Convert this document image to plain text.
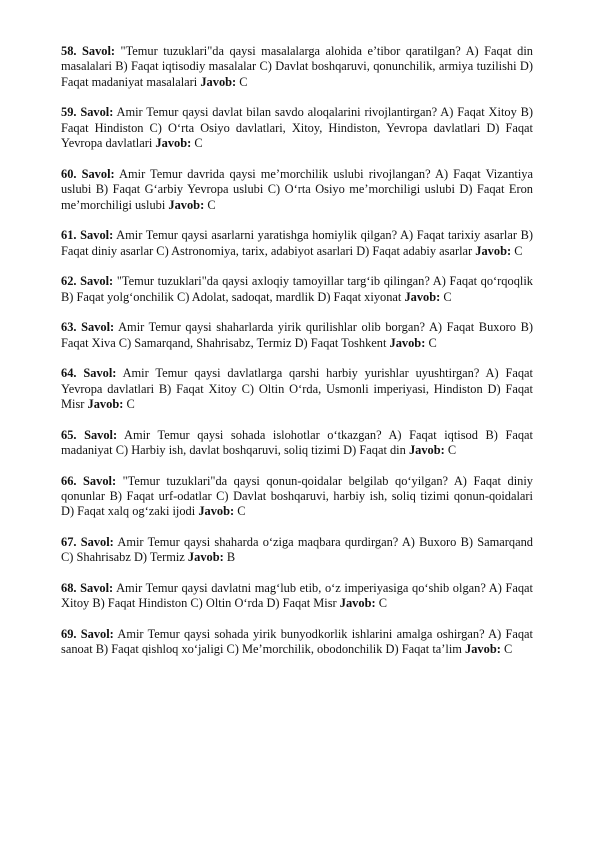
58. Savol: "Temur tuzuklari"da qaysi masalalarga alohida e’tibor qaratilgan? A) Faqat din masalalari B) Faqat iqtisodiy masalalar C) Davlat boshqaruvi, qonunchilik, armiya tuzilishi D) Faqat madaniyat masalalari Javob: C

59. Savol: Amir Temur qaysi davlat bilan savdo aloqalarini rivojlantirgan? A) Faqat Xitoy B) Faqat Hindiston C) O‘rta Osiyo davlatlari, Xitoy, Hindiston, Yevropa davlatlari D) Faqat Yevropa davlatlari Javob: C

60. Savol: Amir Temur davrida qaysi me’morchilik uslubi rivojlangan? A) Faqat Vizantiya uslubi B) Faqat G‘arbiy Yevropa uslubi C) O‘rta Osiyo me’morchiligi uslubi D) Faqat Eron me’morchiligi uslubi Javob: C

61. Savol: Amir Temur qaysi asarlarni yaratishga homiylik qilgan? A) Faqat tarixiy asarlar B) Faqat diniy asarlar C) Astronomiya, tarix, adabiyot asarlari D) Faqat adabiy asarlar Javob: C

62. Savol: "Temur tuzuklari"da qaysi axloqiy tamoyillar targ‘ib qilingan? A) Faqat qo‘rqoqlik B) Faqat yolg‘onchilik C) Adolat, sadoqat, mardlik D) Faqat xiyonat Javob: C

63. Savol: Amir Temur qaysi shaharlarda yirik qurilishlar olib borgan? A) Faqat Buxoro B) Faqat Xiva C) Samarqand, Shahrisabz, Termiz D) Faqat Toshkent Javob: C

64. Savol: Amir Temur qaysi davlatlarga qarshi harbiy yurishlar uyushtirgan? A) Faqat Yevropa davlatlari B) Faqat Xitoy C) Oltin O‘rda, Usmonli imperiyasi, Hindiston D) Faqat Misr Javob: C

65. Savol: Amir Temur qaysi sohada islohotlar o‘tkazgan? A) Faqat iqtisod B) Faqat madaniyat C) Harbiy ish, davlat boshqaruvi, soliq tizimi D) Faqat din Javob: C

66. Savol: "Temur tuzuklari"da qaysi qonun-qoidalar belgilab qo‘yilgan? A) Faqat diniy qonunlar B) Faqat urf-odatlar C) Davlat boshqaruvi, harbiy ish, soliq tizimi qonun-qoidalari D) Faqat xalq og‘zaki ijodi Javob: C

67. Savol: Amir Temur qaysi shaharda o‘ziga maqbara qurdirgan? A) Buxoro B) Samarqand C) Shahrisabz D) Termiz Javob: B

68. Savol: Amir Temur qaysi davlatni mag‘lub etib, o‘z imperiyasiga qo‘shib olgan? A) Faqat Xitoy B) Faqat Hindiston C) Oltin O‘rda D) Faqat Misr Javob: C

69. Savol: Amir Temur qaysi sohada yirik bunyodkorlik ishlarini amalga oshirgan? A) Faqat sanoat B) Faqat qishloq xo‘jaligi C) Me’morchilik, obodonchilik D) Faqat ta’lim Javob: C
